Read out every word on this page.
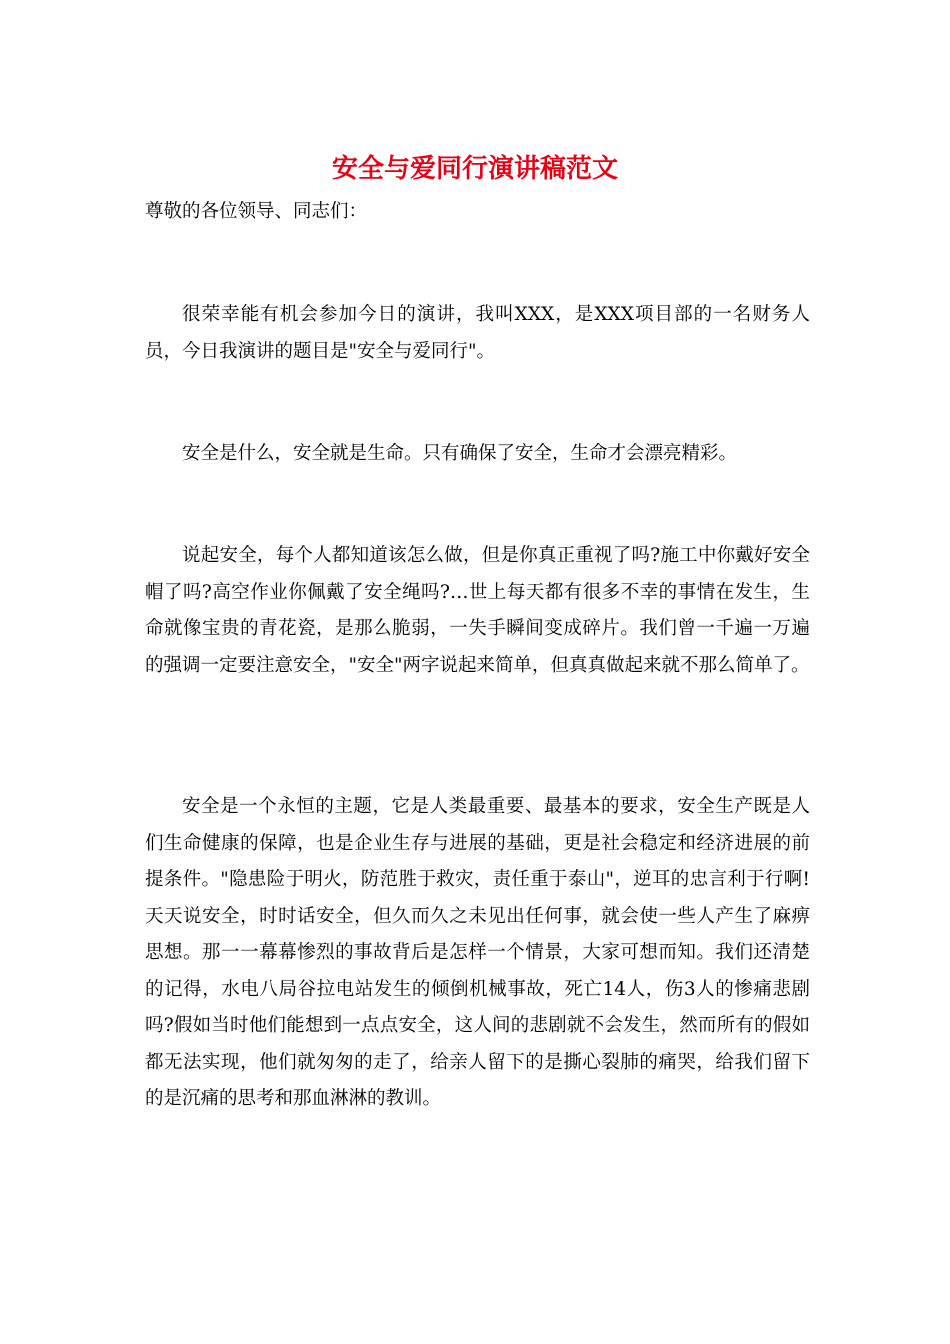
安全与爱同行演讲稿范文
尊敬的各位领导、同志们：

很荣幸能有机会参加今日的演讲，我叫XXX，是XXX项目部的一名财务人员，今日我演讲的题目是"安全与爱同行"。

安全是什么，安全就是生命。只有确保了安全，生命才会漂亮精彩。

说起安全，每个人都知道该怎么做，但是你真正重视了吗?施工中你戴好安全帽了吗?高空作业你佩戴了安全绳吗?…世上每天都有很多不幸的事情在发生，生命就像宝贵的青花瓷，是那么脆弱，一失手瞬间变成碎片。我们曾一千遍一万遍的强调一定要注意安全，"安全"两字说起来简单，但真真做起来就不那么简单了。

安全是一个永恒的主题，它是人类最重要、最基本的要求，安全生产既是人们生命健康的保障，也是企业生存与进展的基础，更是社会稳定和经济进展的前提条件。"隐患险于明火，防范胜于救灾，责任重于泰山"，逆耳的忠言利于行啊!天天说安全，时时话安全，但久而久之未见出任何事，就会使一些人产生了麻痹思想。那一一幕幕惨烈的事故背后是怎样一个情景，大家可想而知。我们还清楚的记得，水电八局谷拉电站发生的倾倒机械事故，死亡14人，伤3人的惨痛悲剧吗?假如当时他们能想到一点点安全，这人间的悲剧就不会发生，然而所有的假如都无法实现，他们就匆匆的走了，给亲人留下的是撕心裂肺的痛哭，给我们留下的是沉痛的思考和那血淋淋的教训。
